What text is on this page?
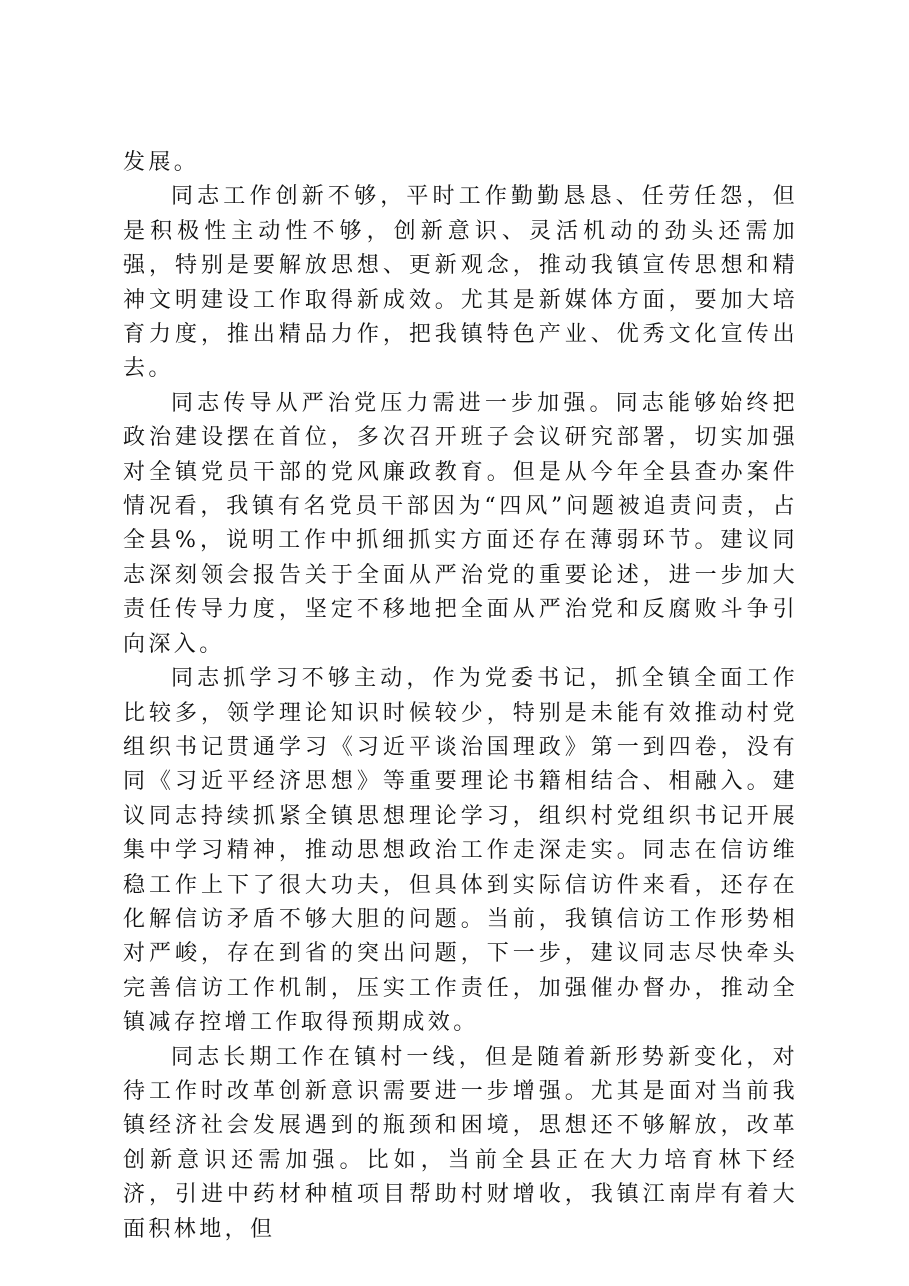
发展。

同志工作创新不够，平时工作勤勤恳恳、任劳任怨，但是积极性主动性不够，创新意识、灵活机动的劲头还需加强，特别是要解放思想、更新观念，推动我镇宣传思想和精神文明建设工作取得新成效。尤其是新媒体方面，要加大培育力度，推出精品力作，把我镇特色产业、优秀文化宣传出去。

同志传导从严治党压力需进一步加强。同志能够始终把政治建设摆在首位，多次召开班子会议研究部署，切实加强对全镇党员干部的党风廉政教育。但是从今年全县查办案件情况看，我镇有名党员干部因为“四风”问题被追责问责，占全县%，说明工作中抓细抓实方面还存在薄弱环节。建议同志深刻领会报告关于全面从严治党的重要论述，进一步加大责任传导力度，坚定不移地把全面从严治党和反腐败斗争引向深入。

同志抓学习不够主动，作为党委书记，抓全镇全面工作比较多，领学理论知识时候较少，特别是未能有效推动村党组织书记贯通学习《习近平谈治国理政》第一到四卷，没有同《习近平经济思想》等重要理论书籍相结合、相融入。建议同志持续抓紧全镇思想理论学习，组织村党组织书记开展集中学习精神，推动思想政治工作走深走实。同志在信访维稳工作上下了很大功夫，但具体到实际信访件来看，还存在化解信访矛盾不够大胆的问题。当前，我镇信访工作形势相对严峻，存在到省的突出问题，下一步，建议同志尽快牵头完善信访工作机制，压实工作责任，加强催办督办，推动全镇减存控增工作取得预期成效。

同志长期工作在镇村一线，但是随着新形势新变化，对待工作时改革创新意识需要进一步增强。尤其是面对当前我镇经济社会发展遇到的瓶颈和困境，思想还不够解放，改革创新意识还需加强。比如，当前全县正在大力培育林下经济，引进中药材种植项目帮助村财增收，我镇江南岸有着大面积林地，但
